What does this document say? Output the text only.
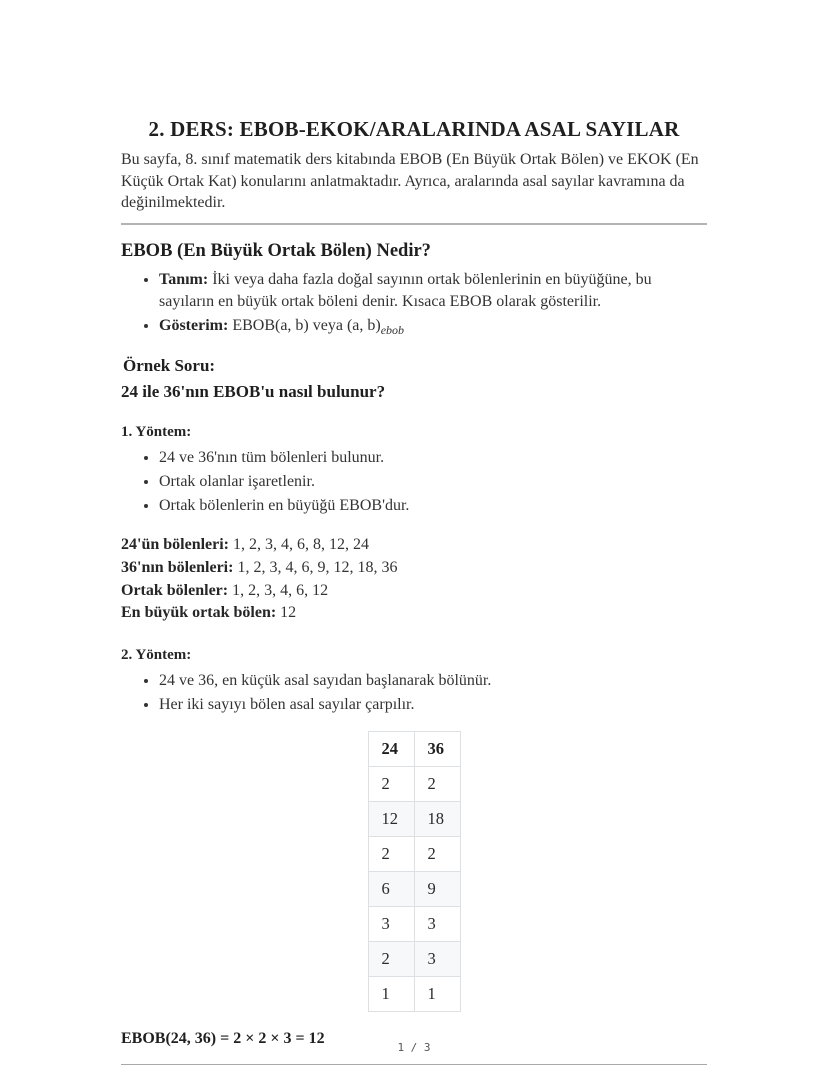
2. DERS: EBOB-EKOK/ARALARINDA ASAL SAYILAR

Bu sayfa, 8. sınıf matematik ders kitabında EBOB (En Büyük Ortak Bölen) ve EKOK (En Küçük Ortak Kat) konularını anlatmaktadır. Ayrıca, aralarında asal sayılar kavramına da değinilmektedir.

EBOB (En Büyük Ortak Bölen) Nedir?
• Tanım: İki veya daha fazla doğal sayının ortak bölenlerinin en büyüğüne, bu sayıların en büyük ortak böleni denir. Kısaca EBOB olarak gösterilir.
• Gösterim: EBOB(a, b) veya (a, $b)_{ebob}$
Örnek Soru:

24 ile 36'nın EBOB'u nasıl bulunur?

1. Yöntem:
• 24 ve 36'nın tüm bölenleri bulunur.
• Ortak olanlar işaretlenir.
• Ortak bölenlerin en büyüğü EBOB'dur.

24'ün bölenleri: 1, 2, 3, 4, 6, 8, 12, 24

36'nın bölenleri: 1, 2, 3, 4, 6, 9, 12, 18, 36

Ortak bölenler: 1, 2, 3, 4, 6, 12

En büyük ortak bölen: 12

2. Yöntem:
• 24 ve 36, en küçük asal sayıdan başlanarak bölünür.
• Her iki sayıyı bölen asal sayılar çarpılır.
24	36
2	2
12	18
2	2
6	9
3	3
2	3
1	1

EBOB(24, 36) = 2 × 2 × 3 = 12

1 / 3
